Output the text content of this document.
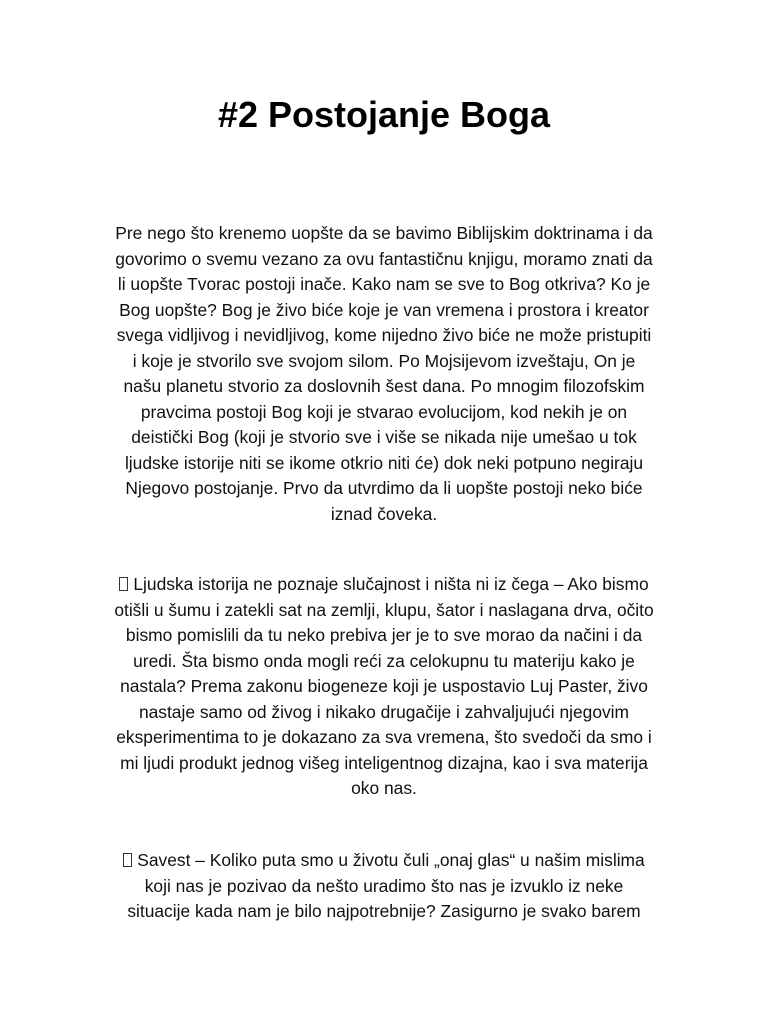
#2 Postojanje Boga
Pre nego što krenemo uopšte da se bavimo Biblijskim doktrinama i da
govorimo o svemu vezano za ovu fantastičnu knjigu, moramo znati da
li uopšte Tvorac postoji inače. Kako nam se sve to Bog otkriva? Ko je
Bog uopšte? Bog je živo biće koje je van vremena i prostora i kreator
svega vidljivog i nevidljivog, kome nijedno živo biće ne može pristupiti
i koje je stvorilo sve svojom silom. Po Mojsijevom izveštaju, On je
našu planetu stvorio za doslovnih šest dana. Po mnogim filozofskim
pravcima postoji Bog koji je stvarao evolucijom, kod nekih je on
deistički Bog (koji je stvorio sve i više se nikada nije umešao u tok
ljudske istorije niti se ikome otkrio niti će) dok neki potpuno negiraju
Njegovo postojanje. Prvo da utvrdimo da li uopšte postoji neko biće
iznad čoveka.
Ljudska istorija ne poznaje slučajnost i ništa ni iz čega – Ako bismo
otišli u šumu i zatekli sat na zemlji, klupu, šator i naslagana drva, očito
bismo pomislili da tu neko prebiva jer je to sve morao da načini i da
uredi. Šta bismo onda mogli reći za celokupnu tu materiju kako je
nastala? Prema zakonu biogeneze koji je uspostavio Luj Paster, živo
nastaje samo od živog i nikako drugačije i zahvaljujući njegovim
eksperimentima to je dokazano za sva vremena, što svedoči da smo i
mi ljudi produkt jednog višeg inteligentnog dizajna, kao i sva materija
oko nas.
Savest – Koliko puta smo u životu čuli „onaj glas“ u našim mislima
koji nas je pozivao da nešto uradimo što nas je izvuklo iz neke
situacije kada nam je bilo najpotrebnije? Zasigurno je svako barem
